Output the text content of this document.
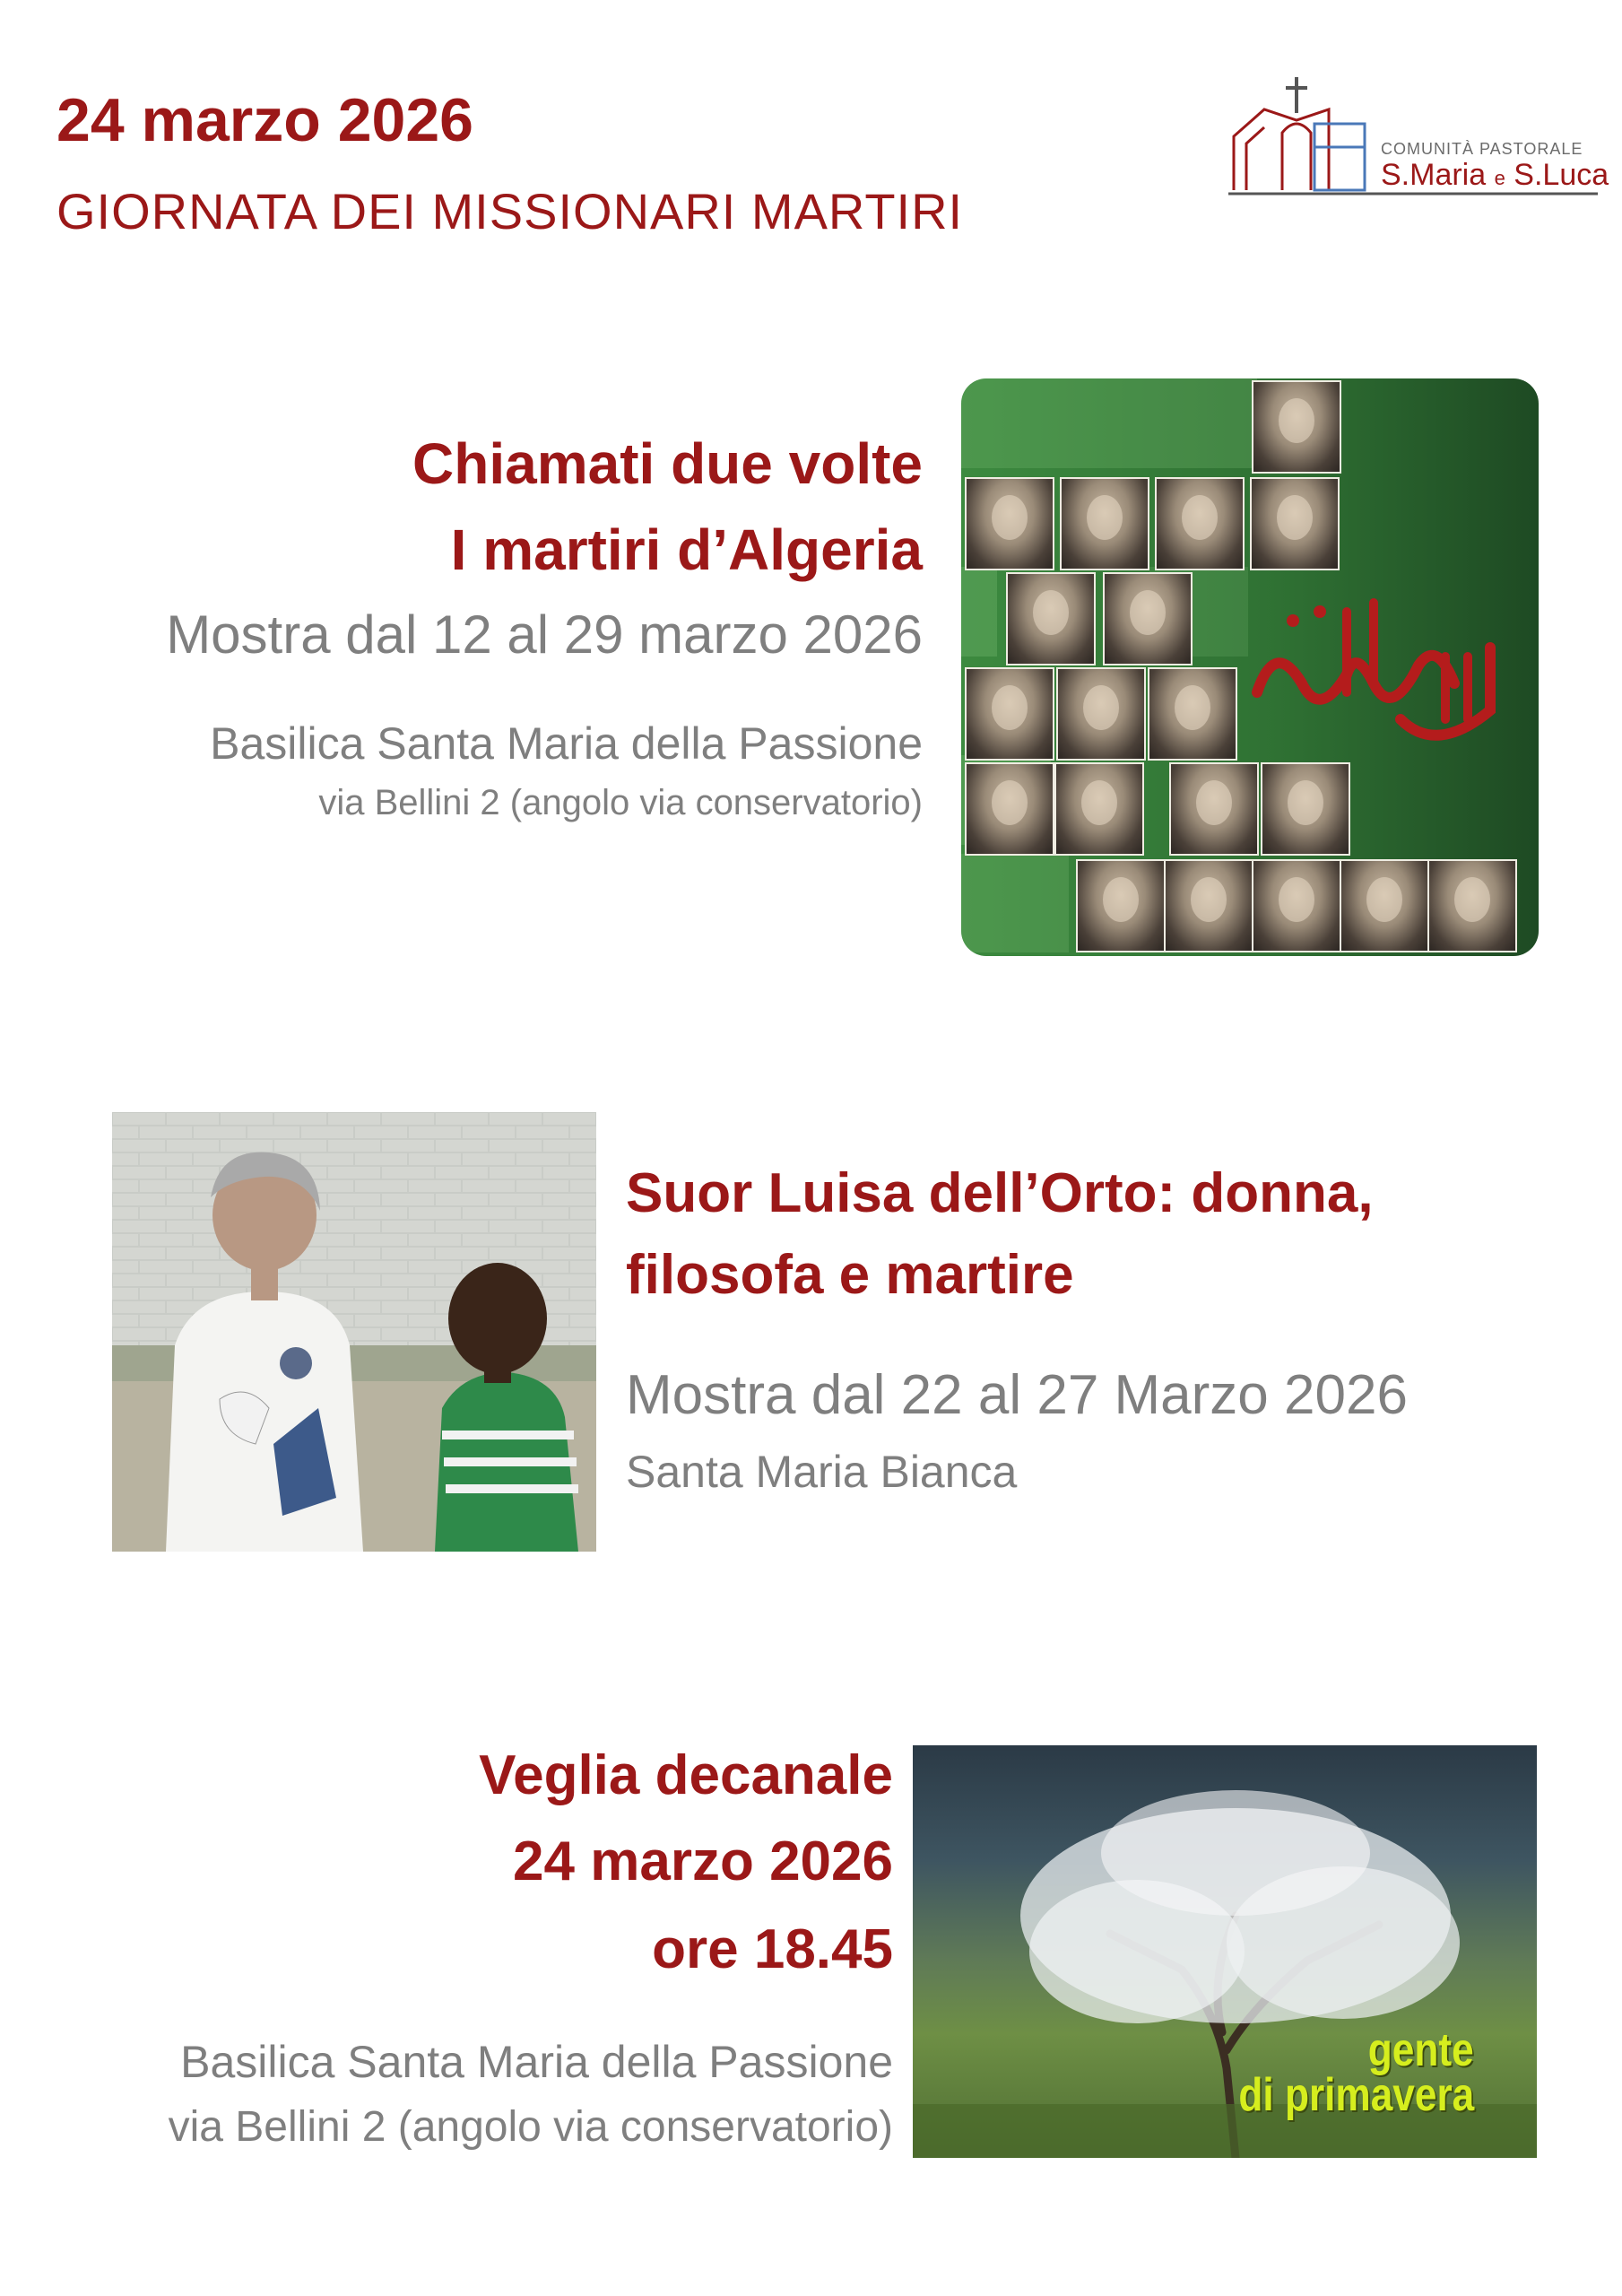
24 marzo 2026
GIORNATA DEI MISSIONARI MARTIRI
COMUNITÀ PASTORALE
S.Maria e S.Luca
Chiamati due volte
I martiri d’Algeria
Mostra dal 12 al 29 marzo 2026
Basilica Santa Maria della Passione
via Bellini 2 (angolo via conservatorio)
Suor Luisa dell’Orto: donna,
filosofa e martire
Mostra dal 22 al 27 Marzo 2026
Santa Maria Bianca
Veglia decanale
24 marzo 2026
ore 18.45
Basilica Santa Maria della Passione
via Bellini 2 (angolo via conservatorio)
gente
di primavera
